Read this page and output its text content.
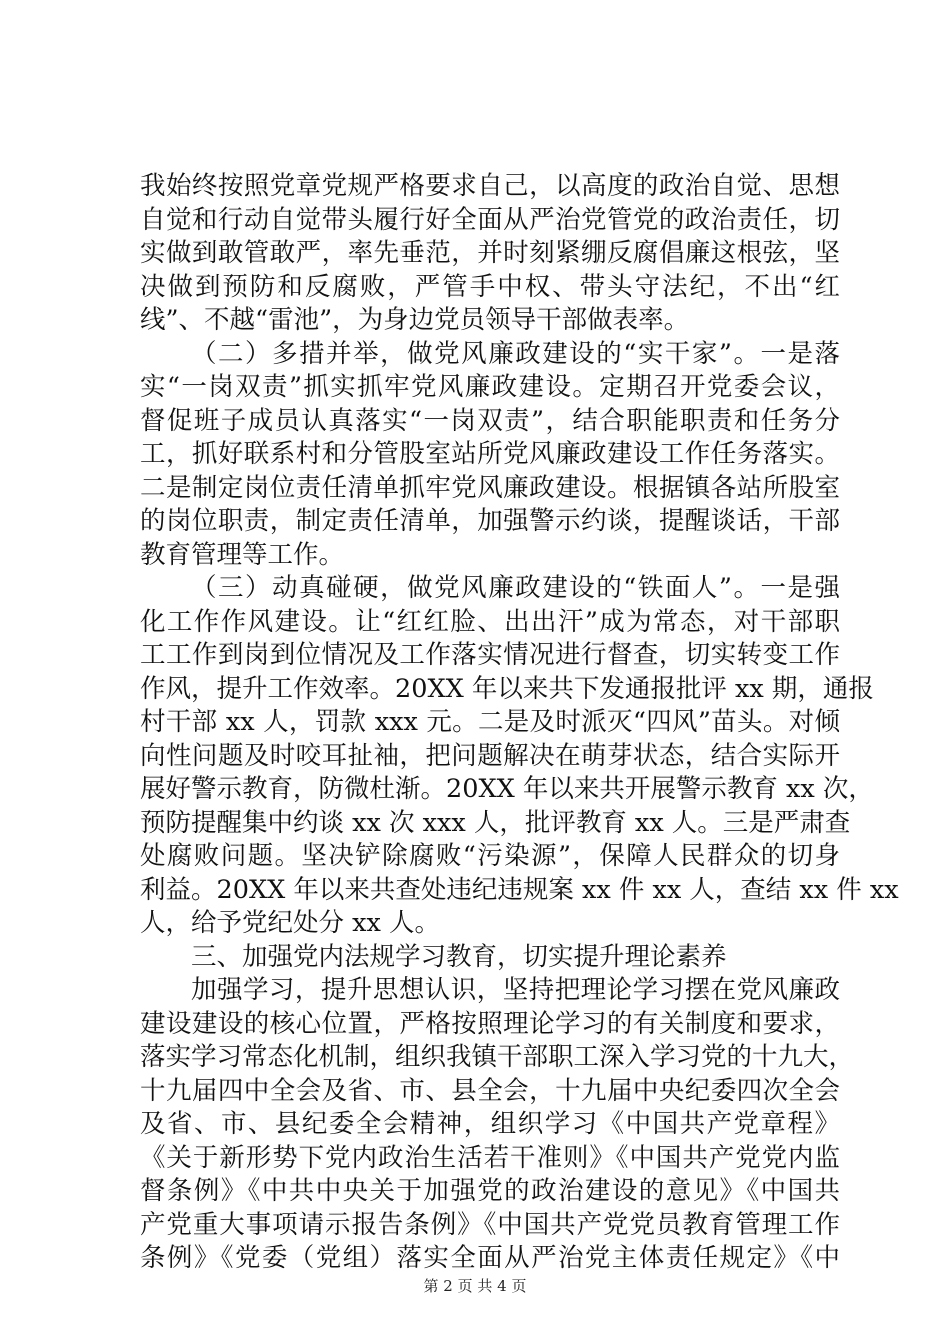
我始终按照党章党规严格要求自己，以高度的政治自觉、思想
自觉和行动自觉带头履行好全面从严治党管党的政治责任，切
实做到敢管敢严，率先垂范，并时刻紧绷反腐倡廉这根弦，坚
决做到预防和反腐败，严管手中权、带头守法纪，不出“红
线”、不越“雷池”，为身边党员领导干部做表率。
（二）多措并举，做党风廉政建设的“实干家”。一是落
实“一岗双责”抓实抓牢党风廉政建设。定期召开党委会议，
督促班子成员认真落实“一岗双责”，结合职能职责和任务分
工，抓好联系村和分管股室站所党风廉政建设工作任务落实。
二是制定岗位责任清单抓牢党风廉政建设。根据镇各站所股室
的岗位职责，制定责任清单，加强警示约谈，提醒谈话，干部
教育管理等工作。
（三）动真碰硬，做党风廉政建设的“铁面人”。一是强
化工作作风建设。让“红红脸、出出汗”成为常态，对干部职
工工作到岗到位情况及工作落实情况进行督查，切实转变工作
作风，提升工作效率。20XX 年以来共下发通报批评 xx 期，通报
村干部 xx 人，罚款 xxx 元。二是及时派灭“四风”苗头。对倾
向性问题及时咬耳扯袖，把问题解决在萌芽状态，结合实际开
展好警示教育，防微杜渐。20XX 年以来共开展警示教育 xx 次，
预防提醒集中约谈 xx 次 xxx 人，批评教育 xx 人。三是严肃查
处腐败问题。坚决铲除腐败“污染源”，保障人民群众的切身
利益。20XX 年以来共查处违纪违规案 xx 件 xx 人，查结 xx 件 xx
人，给予党纪处分 xx 人。
三、加强党内法规学习教育，切实提升理论素养
加强学习，提升思想认识，坚持把理论学习摆在党风廉政
建设建设的核心位置，严格按照理论学习的有关制度和要求，
落实学习常态化机制，组织我镇干部职工深入学习党的十九大，
十九届四中全会及省、市、县全会，十九届中央纪委四次全会
及省、市、县纪委全会精神，组织学习《中国共产党章程》
《关于新形势下党内政治生活若干准则》《中国共产党党内监
督条例》《中共中央关于加强党的政治建设的意见》《中国共
产党重大事项请示报告条例》《中国共产党党员教育管理工作
条例》《党委（党组）落实全面从严治党主体责任规定》《中
第 2 页 共 4 页
